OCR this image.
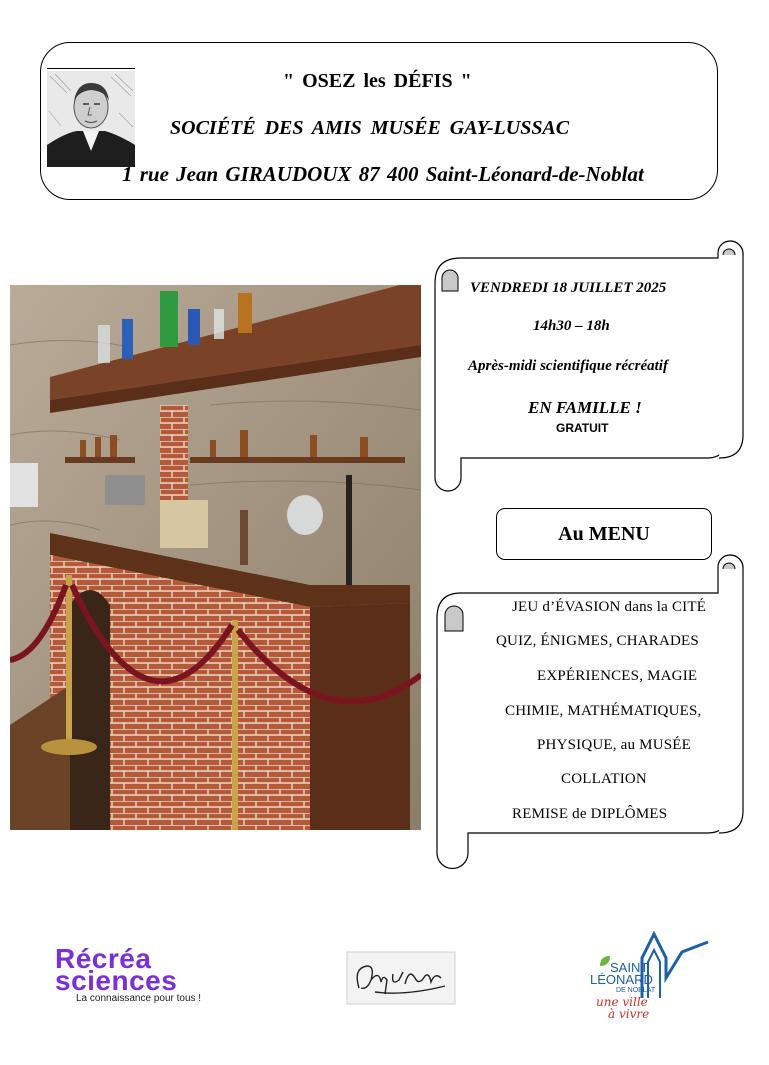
" OSEZ les DÉFIS "
SOCIÉTÉ DES AMIS MUSÉE GAY-LUSSAC
1 rue Jean GIRAUDOUX 87 400 Saint-Léonard-de-Noblat
VENDREDI 18 JUILLET 2025
14h30 – 18h
Après-midi scientifique récréatif
EN FAMILLE !
GRATUIT
Au MENU
JEU d’ÉVASION dans la CITÉ
QUIZ, ÉNIGMES, CHARADES
EXPÉRIENCES, MAGIE
CHIMIE, MATHÉMATIQUES,
PHYSIQUE, au MUSÉE
COLLATION
REMISE de DIPLÔMES
Récréa
sciences
La connaissance pour tous !
SAINT
LÉONARD
DE NOBLAT
une ville
à vivre
